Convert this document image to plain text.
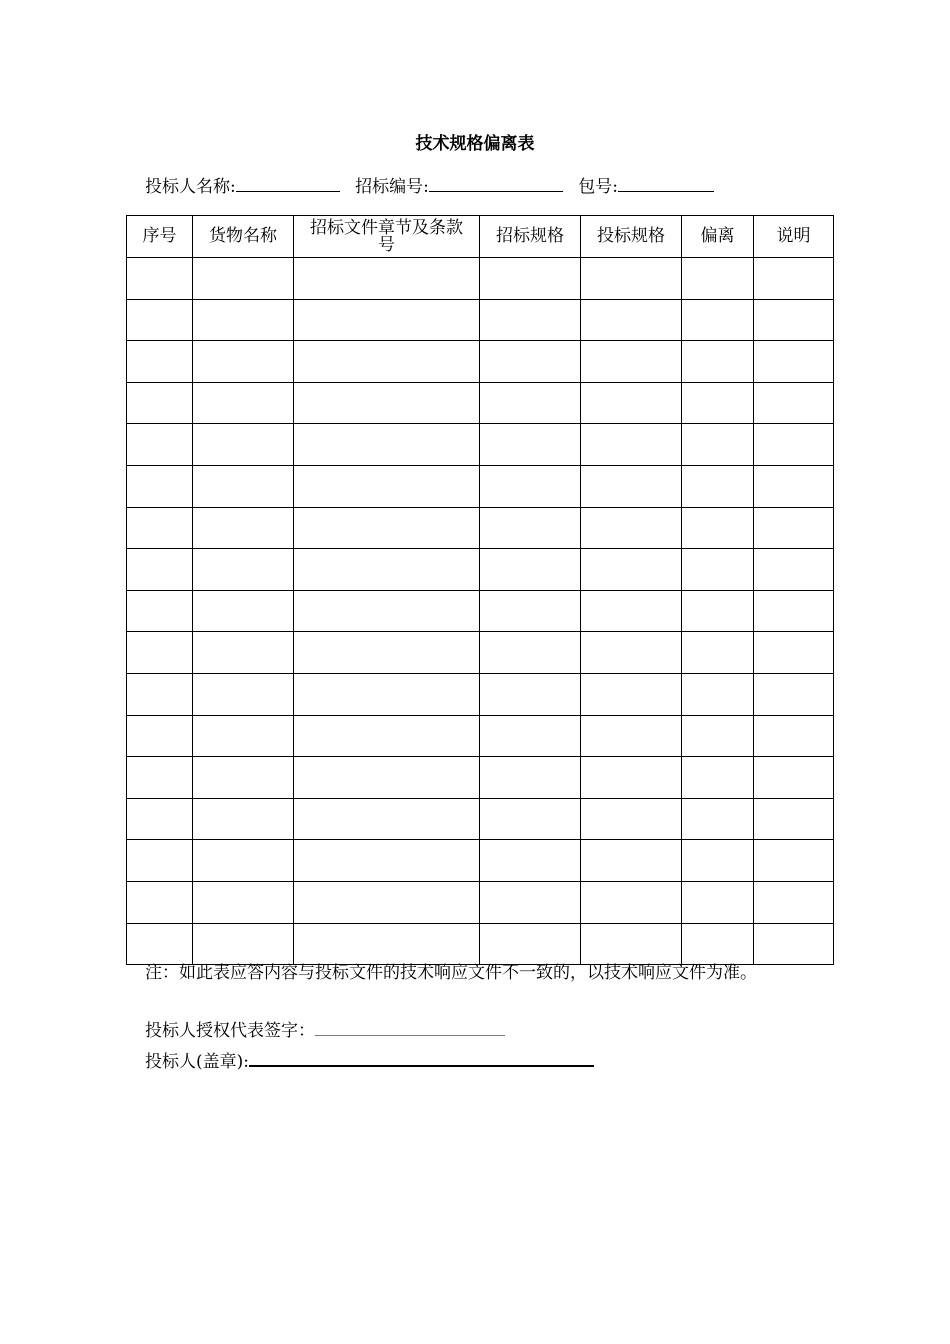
技术规格偏离表
投标人名称:	招标编号:	包号:
序号	货物名称	招标文件章节及条款号	招标规格	投标规格	偏离	说明

注：如此表应答内容与投标文件的技术响应文件不一致的，以技术响应文件为准。
投标人授权代表签字：
投标人(盖章):
